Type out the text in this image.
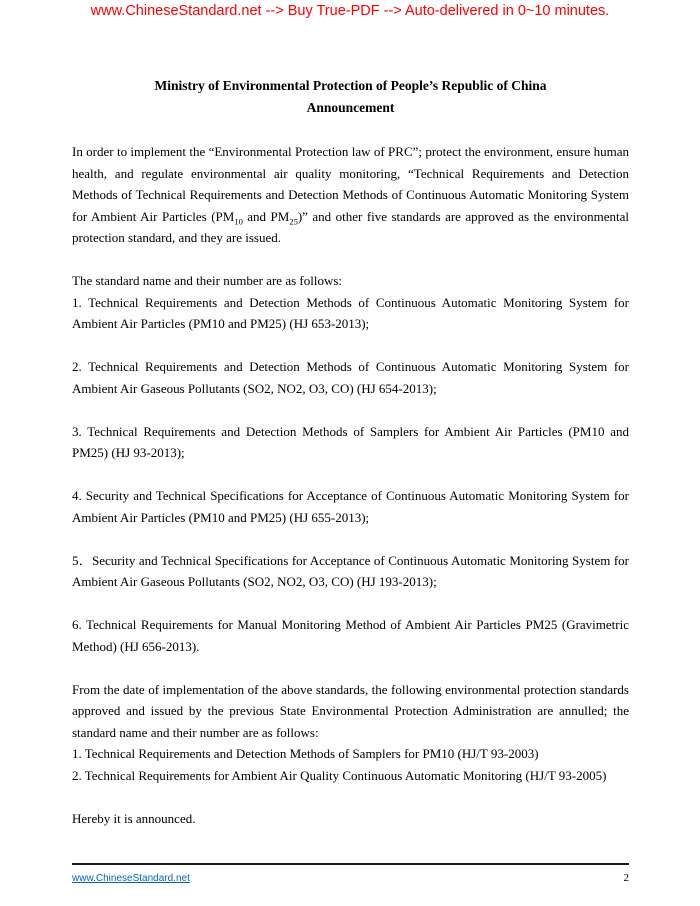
www.ChineseStandard.net --> Buy True-PDF --> Auto-delivered in 0~10 minutes.
Ministry of Environmental Protection of People’s Republic of China
Announcement

In order to implement the “Environmental Protection law of PRC”; protect the environment, ensure human health, and regulate environmental air quality monitoring, “Technical Requirements and Detection Methods of Technical Requirements and Detection Methods of Continuous Automatic Monitoring System for Ambient Air Particles ($PM_{10}$ and $PM_{25}$)” and other five standards are approved as the environmental protection standard, and they are issued.

The standard name and their number are as follows:

1. Technical Requirements and Detection Methods of Continuous Automatic Monitoring System for Ambient Air Particles (PM10 and PM25) (HJ 653-2013);

2. Technical Requirements and Detection Methods of Continuous Automatic Monitoring System for Ambient Air Gaseous Pollutants (SO2, NO2, O3, CO) (HJ 654-2013);

3. Technical Requirements and Detection Methods of Samplers for Ambient Air Particles (PM10 and PM25) (HJ 93-2013);

4. Security and Technical Specifications for Acceptance of Continuous Automatic Monitoring System for Ambient Air Particles (PM10 and PM25) (HJ 655-2013);

5．Security and Technical Specifications for Acceptance of Continuous Automatic Monitoring System for Ambient Air Gaseous Pollutants (SO2, NO2, O3, CO) (HJ 193-2013);

6. Technical Requirements for Manual Monitoring Method of Ambient Air Particles PM25 (Gravimetric Method) (HJ 656-2013).

From the date of implementation of the above standards, the following environmental protection standards approved and issued by the previous State Environmental Protection Administration are annulled; the standard name and their number are as follows:

1. Technical Requirements and Detection Methods of Samplers for PM10 (HJ/T 93-2003)

2. Technical Requirements for Ambient Air Quality Continuous Automatic Monitoring (HJ/T 93-2005)

Hereby it is announced.

www.ChineseStandard.net	2
